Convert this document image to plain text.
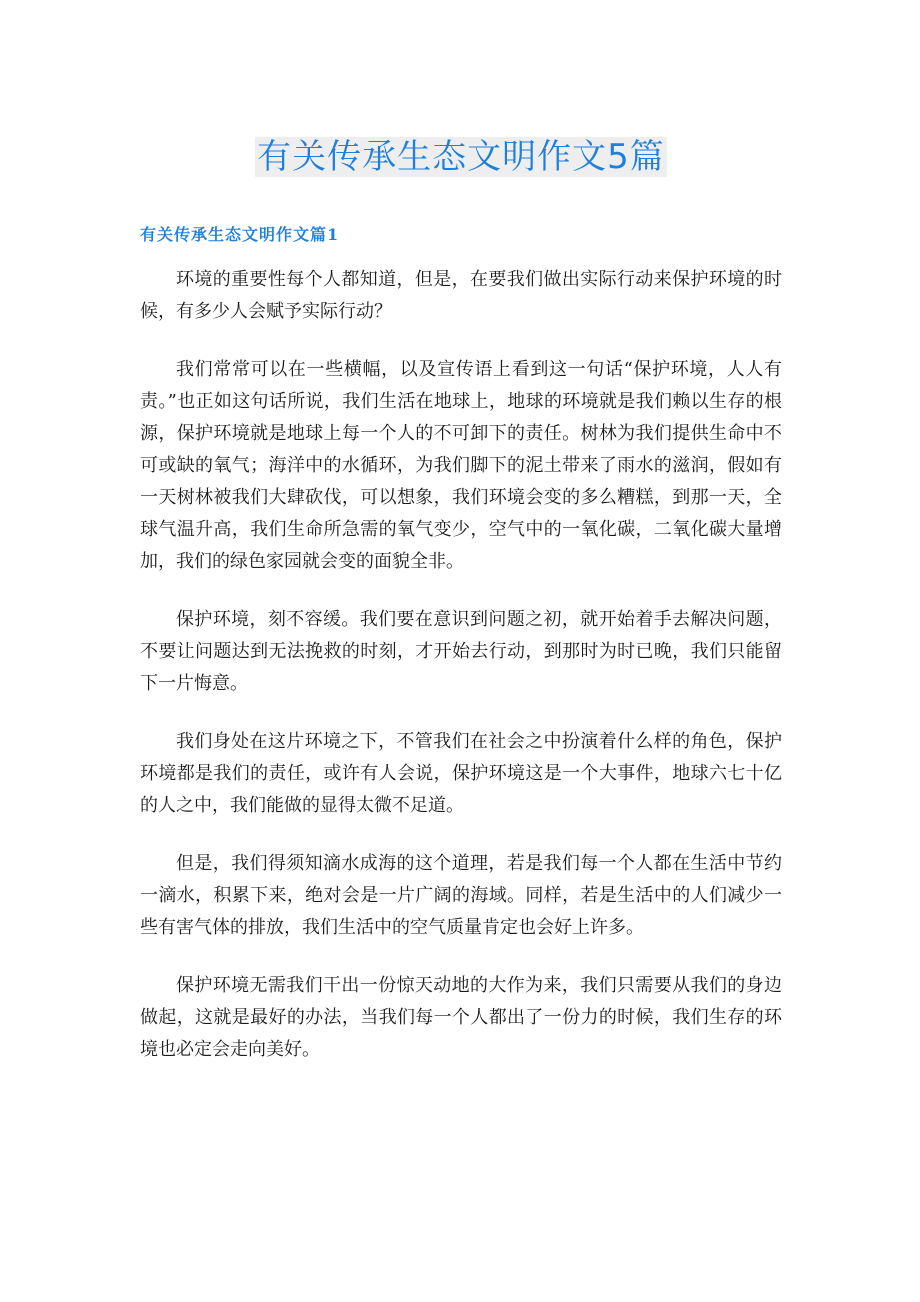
有关传承生态文明作文5篇
有关传承生态文明作文篇1

环境的重要性每个人都知道，但是，在要我们做出实际行动来保护环境的时候，有多少人会赋予实际行动？

我们常常可以在一些横幅，以及宣传语上看到这一句话“保护环境，人人有责。”也正如这句话所说，我们生活在地球上，地球的环境就是我们赖以生存的根源，保护环境就是地球上每一个人的不可卸下的责任。树林为我们提供生命中不可或缺的氧气；海洋中的水循环，为我们脚下的泥土带来了雨水的滋润，假如有一天树林被我们大肆砍伐，可以想象，我们环境会变的多么糟糕，到那一天，全球气温升高，我们生命所急需的氧气变少，空气中的一氧化碳，二氧化碳大量增加，我们的绿色家园就会变的面貌全非。

保护环境，刻不容缓。我们要在意识到问题之初，就开始着手去解决问题，不要让问题达到无法挽救的时刻，才开始去行动，到那时为时已晚，我们只能留下一片悔意。

我们身处在这片环境之下，不管我们在社会之中扮演着什么样的角色，保护环境都是我们的责任，或许有人会说，保护环境这是一个大事件，地球六七十亿的人之中，我们能做的显得太微不足道。

但是，我们得须知滴水成海的这个道理，若是我们每一个人都在生活中节约一滴水，积累下来，绝对会是一片广阔的海域。同样，若是生活中的人们减少一些有害气体的排放，我们生活中的空气质量肯定也会好上许多。

保护环境无需我们干出一份惊天动地的大作为来，我们只需要从我们的身边做起，这就是最好的办法，当我们每一个人都出了一份力的时候，我们生存的环境也必定会走向美好。
